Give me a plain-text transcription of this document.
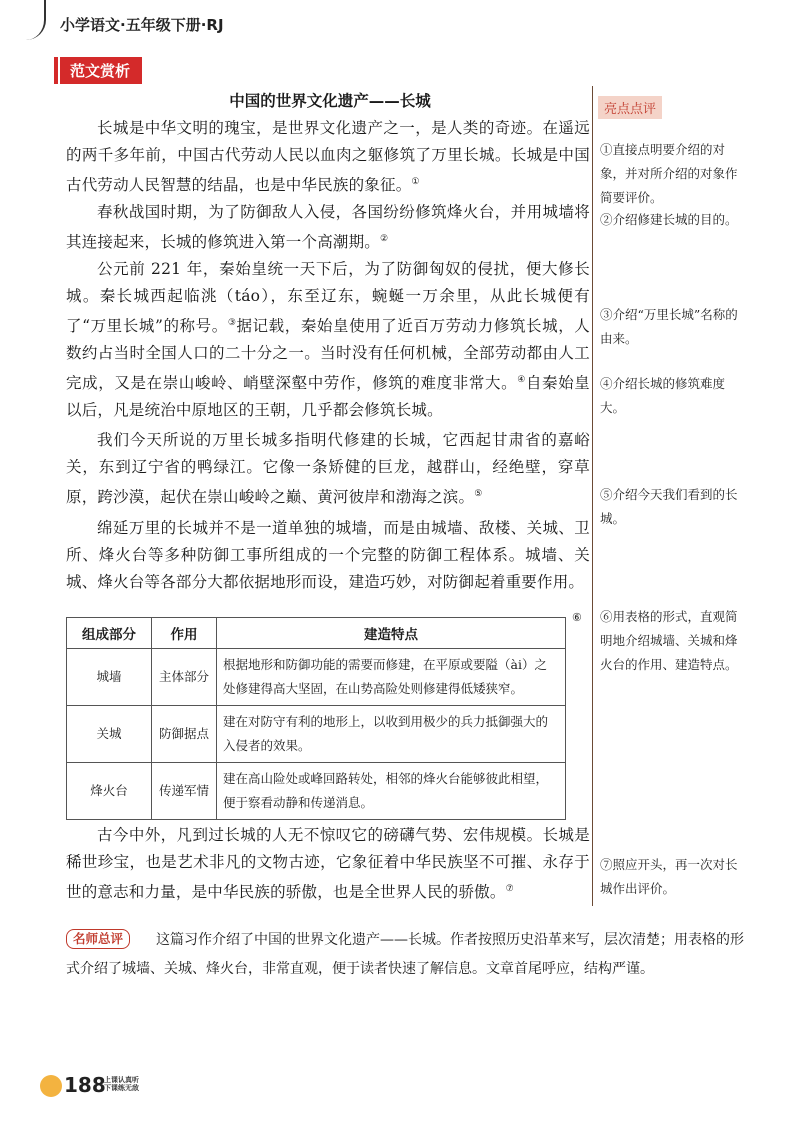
小学语文·五年级下册·RJ
范文赏析
中国的世界文化遗产——长城

长城是中华文明的瑰宝，是世界文化遗产之一，是人类的奇迹。在遥远的两千多年前，中国古代劳动人民以血肉之躯修筑了万里长城。长城是中国古代劳动人民智慧的结晶，也是中华民族的象征。①

春秋战国时期，为了防御敌人入侵，各国纷纷修筑烽火台，并用城墙将其连接起来，长城的修筑进入第一个高潮期。②

公元前 221 年，秦始皇统一天下后，为了防御匈奴的侵扰，便大修长城。秦长城西起临洮（táo），东至辽东，蜿蜒一万余里，从此长城便有了“万里长城”的称号。③据记载，秦始皇使用了近百万劳动力修筑长城，人数约占当时全国人口的二十分之一。当时没有任何机械，全部劳动都由人工完成，又是在崇山峻岭、峭壁深壑中劳作，修筑的难度非常大。④自秦始皇以后，凡是统治中原地区的王朝，几乎都会修筑长城。

我们今天所说的万里长城多指明代修建的长城，它西起甘肃省的嘉峪关，东到辽宁省的鸭绿江。它像一条矫健的巨龙，越群山，经绝壁，穿草原，跨沙漠，起伏在崇山峻岭之巅、黄河彼岸和渤海之滨。⑤

绵延万里的长城并不是一道单独的城墙，而是由城墙、敌楼、关城、卫所、烽火台等多种防御工事所组成的一个完整的防御工程体系。城墙、关城、烽火台等各部分大都依据地形而设，建造巧妙，对防御起着重要作用。

⑥
组成部分	作用	建造特点
城墙	主体部分	根据地形和防御功能的需要而修建，在平原或要隘（ài）之处修建得高大坚固，在山势高险处则修建得低矮狭窄。
关城	防御据点	建在对防守有利的地形上，以收到用极少的兵力抵御强大的入侵者的效果。
烽火台	传递军情	建在高山险处或峰回路转处，相邻的烽火台能够彼此相望，便于察看动静和传递消息。

古今中外，凡到过长城的人无不惊叹它的磅礴气势、宏伟规模。长城是稀世珍宝，也是艺术非凡的文物古迹，它象征着中华民族坚不可摧、永存于世的意志和力量，是中华民族的骄傲，也是全世界人民的骄傲。⑦

亮点点评
①直接点明要介绍的对象，并对所介绍的对象作简要评价。
②介绍修建长城的目的。
③介绍“万里长城”名称的由来。
④介绍长城的修筑难度大。
⑤介绍今天我们看到的长城。
⑥用表格的形式，直观简明地介绍城墙、关城和烽火台的作用、建造特点。
⑦照应开头，再一次对长城作出评价。
名师总评	这篇习作介绍了中国的世界文化遗产——长城。作者按照历史沿革来写，层次清楚；用表格的形式介绍了城墙、关城、烽火台，非常直观，便于读者快速了解信息。文章首尾呼应，结构严谨。

188
上课认真听
下课练无敌
